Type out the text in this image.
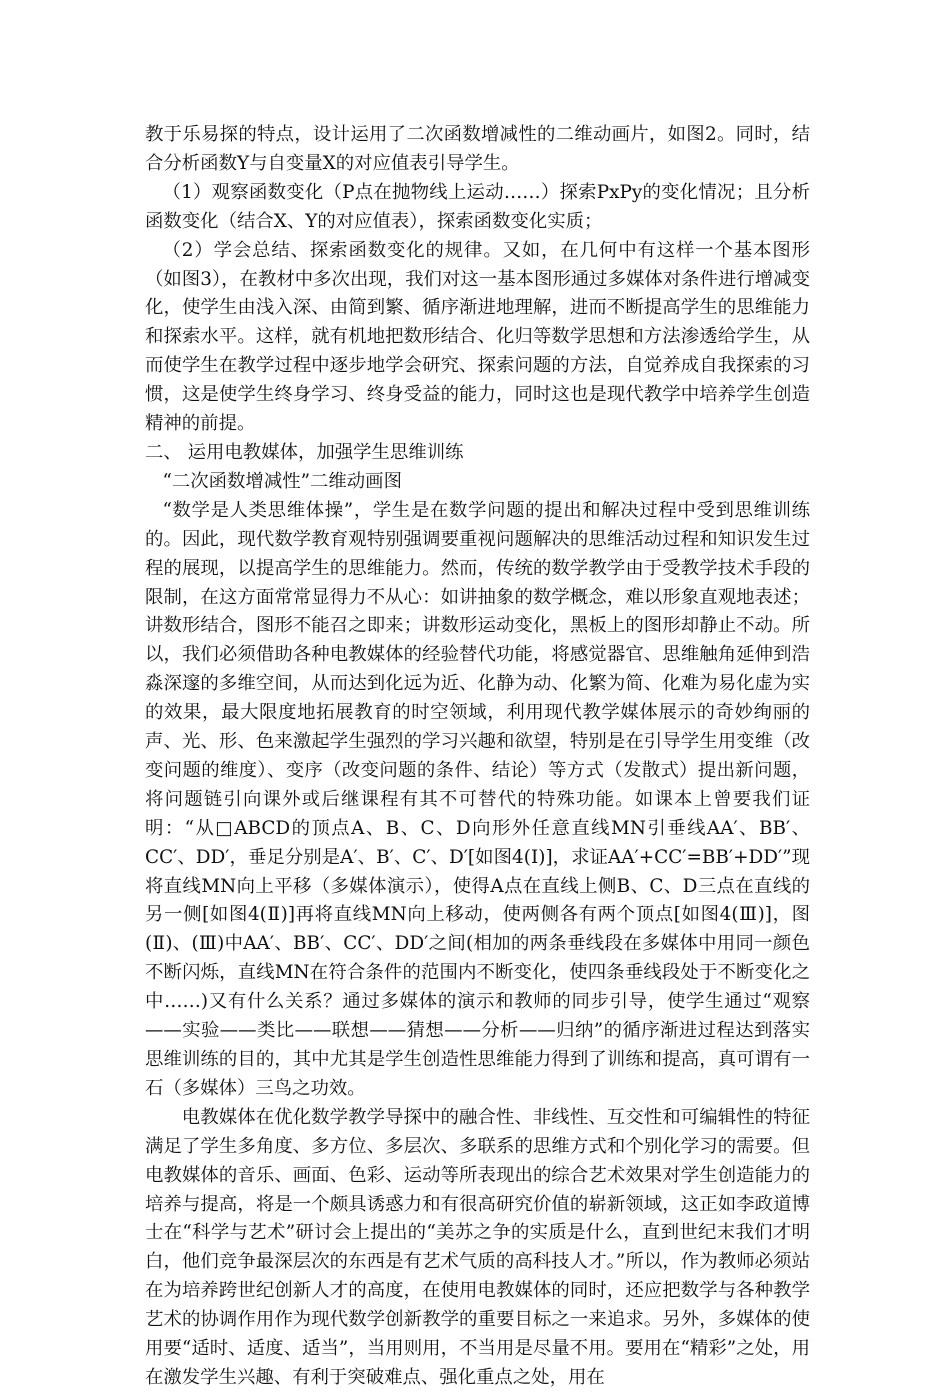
教于乐易探的特点，设计运用了二次函数增减性的二维动画片，如图2。同时，结合分析函数Y与自变量X的对应值表引导学生。

（1）观察函数变化（P点在抛物线上运动……）探索PxPy的变化情况；且分析函数变化（结合X、Y的对应值表），探索函数变化实质；

（2）学会总结、探索函数变化的规律。又如，在几何中有这样一个基本图形（如图3），在教材中多次出现，我们对这一基本图形通过多媒体对条件进行增减变化，使学生由浅入深、由简到繁、循序渐进地理解，进而不断提高学生的思维能力和探索水平。这样，就有机地把数形结合、化归等数学思想和方法渗透给学生，从而使学生在教学过程中逐步地学会研究、探索问题的方法，自觉养成自我探索的习惯，这是使学生终身学习、终身受益的能力，同时这也是现代教学中培养学生创造精神的前提。

二、 运用电教媒体，加强学生思维训练

“二次函数增减性”二维动画图

“数学是人类思维体操”，学生是在数学问题的提出和解决过程中受到思维训练的。因此，现代数学教育观特别强调要重视问题解决的思维活动过程和知识发生过程的展现，以提高学生的思维能力。然而，传统的数学教学由于受教学技术手段的限制，在这方面常常显得力不从心：如讲抽象的数学概念，难以形象直观地表述；讲数形结合，图形不能召之即来；讲数形运动变化，黑板上的图形却静止不动。所以，我们必须借助各种电教媒体的经验替代功能，将感觉器官、思维触角延伸到浩淼深邃的多维空间，从而达到化远为近、化静为动、化繁为简、化难为易化虚为实的效果，最大限度地拓展教育的时空领域，利用现代教学媒体展示的奇妙绚丽的声、光、形、色来激起学生强烈的学习兴趣和欲望，特别是在引导学生用变维（改变问题的维度）、变序（改变问题的条件、结论）等方式（发散式）提出新问题，将问题链引向课外或后继课程有其不可替代的特殊功能。如课本上曾要我们证明：“从□ABCD的顶点A、B、C、D向形外任意直线MN引垂线AA′、BB′、CC′、DD′，垂足分别是A′、B′、C′、D′[如图4(Ⅰ)]，求证AA′+CC′=BB′+DD′”现将直线MN向上平移（多媒体演示），使得A点在直线上侧B、C、D三点在直线的另一侧[如图4(Ⅱ)]再将直线MN向上移动，使两侧各有两个顶点[如图4(Ⅲ)]，图(Ⅱ)、(Ⅲ)中AA′、BB′、CC′、DD′之间(相加的两条垂线段在多媒体中用同一颜色不断闪烁，直线MN在符合条件的范围内不断变化，使四条垂线段处于不断变化之中……)又有什么关系？通过多媒体的演示和教师的同步引导，使学生通过“观察——实验——类比——联想——猜想——分析——归纳”的循序渐进过程达到落实思维训练的目的，其中尤其是学生创造性思维能力得到了训练和提高，真可谓有一石（多媒体）三鸟之功效。

电教媒体在优化数学教学导探中的融合性、非线性、互交性和可编辑性的特征满足了学生多角度、多方位、多层次、多联系的思维方式和个别化学习的需要。但电教媒体的音乐、画面、色彩、运动等所表现出的综合艺术效果对学生创造能力的培养与提高，将是一个颇具诱惑力和有很高研究价值的崭新领域，这正如李政道博士在“科学与艺术”研讨会上提出的“美苏之争的实质是什么，直到世纪末我们才明白，他们竞争最深层次的东西是有艺术气质的高科技人才。”所以，作为教师必须站在为培养跨世纪创新人才的高度，在使用电教媒体的同时，还应把数学与各种教学艺术的协调作用作为现代数学创新教学的重要目标之一来追求。另外，多媒体的使用要“适时、适度、适当”，当用则用，不当用是尽量不用。要用在“精彩”之处，用在激发学生兴趣、有利于突破难点、强化重点之处，用在
